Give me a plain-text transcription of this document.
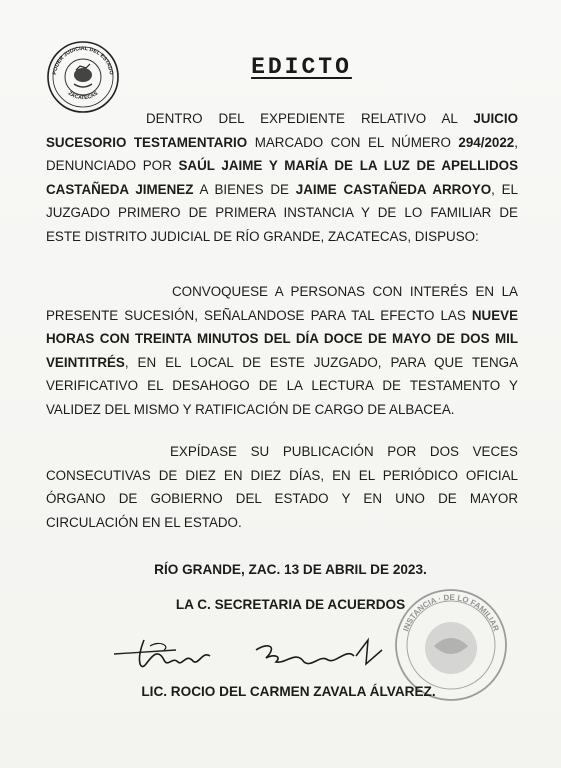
PODER JUDICIAL DEL ESTADO
ZACATECAS
EDICTO
DENTRO DEL EXPEDIENTE RELATIVO AL JUICIO
SUCESORIO TESTAMENTARIO MARCADO CON EL NÚMERO 294/2022,
DENUNCIADO POR SAÚL JAIME Y MARÍA DE LA LUZ DE APELLIDOS
CASTAÑEDA JIMENEZ A BIENES DE JAIME CASTAÑEDA ARROYO, EL
JUZGADO PRIMERO DE PRIMERA INSTANCIA Y DE LO FAMILIAR DE
ESTE DISTRITO JUDICIAL DE RÍO GRANDE, ZACATECAS, DISPUSO:
CONVOQUESE A PERSONAS CON INTERÉS EN LA
PRESENTE SUCESIÓN, SEÑALANDOSE PARA TAL EFECTO LAS NUEVE
HORAS CON TREINTA MINUTOS DEL DÍA DOCE DE MAYO DE DOS MIL
VEINTITRÉS, EN EL LOCAL DE ESTE JUZGADO, PARA QUE TENGA
VERIFICATIVO EL DESAHOGO DE LA LECTURA DE TESTAMENTO Y
VALIDEZ DEL MISMO Y RATIFICACIÓN DE CARGO DE ALBACEA.
EXPÍDASE SU PUBLICACIÓN POR DOS VECES
CONSECUTIVAS DE DIEZ EN DIEZ DÍAS, EN EL PERIÓDICO OFICIAL
ÓRGANO DE GOBIERNO DEL ESTADO Y EN UNO DE MAYOR
CIRCULACIÓN EN EL ESTADO.
RÍO GRANDE, ZAC. 13 DE ABRIL DE 2023.
LA C. SECRETARIA DE ACUERDOS
INSTANCIA · DE LO FAMILIAR
LIC. ROCIO DEL CARMEN ZAVALA ÁLVAREZ.
